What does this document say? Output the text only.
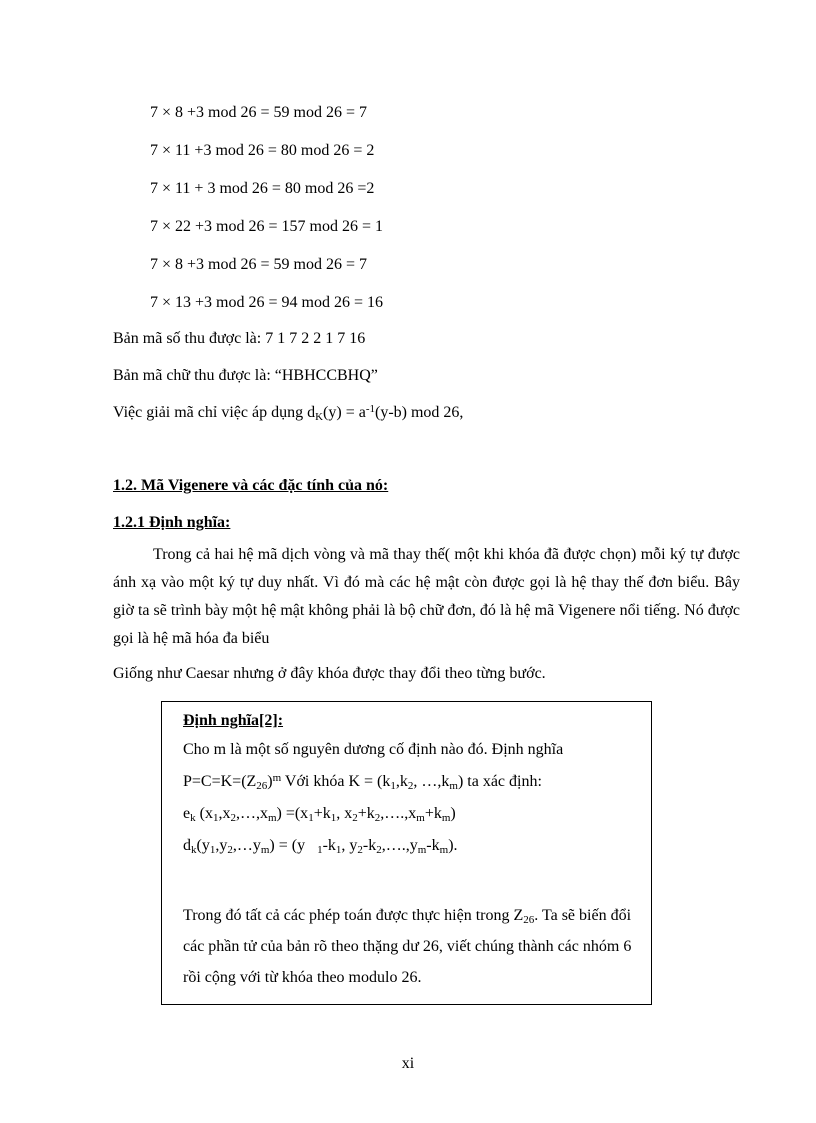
7 × 8 +3 mod 26 = 59 mod 26 = 7
7 × 11 +3 mod 26 = 80 mod 26 = 2
7 × 11 + 3 mod 26 = 80 mod 26 =2
7 × 22 +3 mod 26 = 157 mod 26 = 1
7 × 8 +3 mod 26 = 59 mod 26 = 7
7 × 13 +3 mod 26 = 94 mod 26 = 16
Bản mã số thu được là: 7 1 7 2 2 1 7 16
Bản mã chữ thu được là: “HBHCCBHQ”
Việc giải mã chỉ việc áp dụng $d_K(y) = a^{-1}(y-b)$ mod 26,
1.2. Mã Vigenere và các đặc tính của nó:
1.2.1 Định nghĩa:

Trong cả hai hệ mã dịch vòng và mã thay thế( một khi khóa đã được chọn) mỗi ký tự được ánh xạ vào một ký tự duy nhất. Vì đó mà các hệ mật còn được gọi là hệ thay thế đơn biểu. Bây giờ ta sẽ trình bày một hệ mật không phải là bộ chữ đơn, đó là hệ mã Vigenere nổi tiếng. Nó được gọi là hệ mã hóa đa biểu

Giống như Caesar nhưng ở đây khóa được thay đổi theo từng bước.
Định nghĩa[2]:
Cho m là một số nguyên dương cố định nào đó. Định nghĩa
$P=C=K=(Z_{26})^m$ Với khóa $K = (k_1,k_2$, $\dots,k_m$) ta xác định:
$e_k$ $(x_1,x_2,\dots,x_m) =(x_1+k_1$, $x_2+k_2,\dots.,x_m+k_m$)
$d_k(y_1,y_2,\dots y_m) = (y$   $_1-k_1$, $y_2-k_2,\dots.,y_m-k_m$).
Trong đó tất cả các phép toán được thực hiện trong $Z_{26}$. Ta sẽ biến đổi các phần tử của bản rõ theo thặng dư 26, viết chúng thành các nhóm 6 rồi cộng với từ khóa theo modulo 26.
xi
